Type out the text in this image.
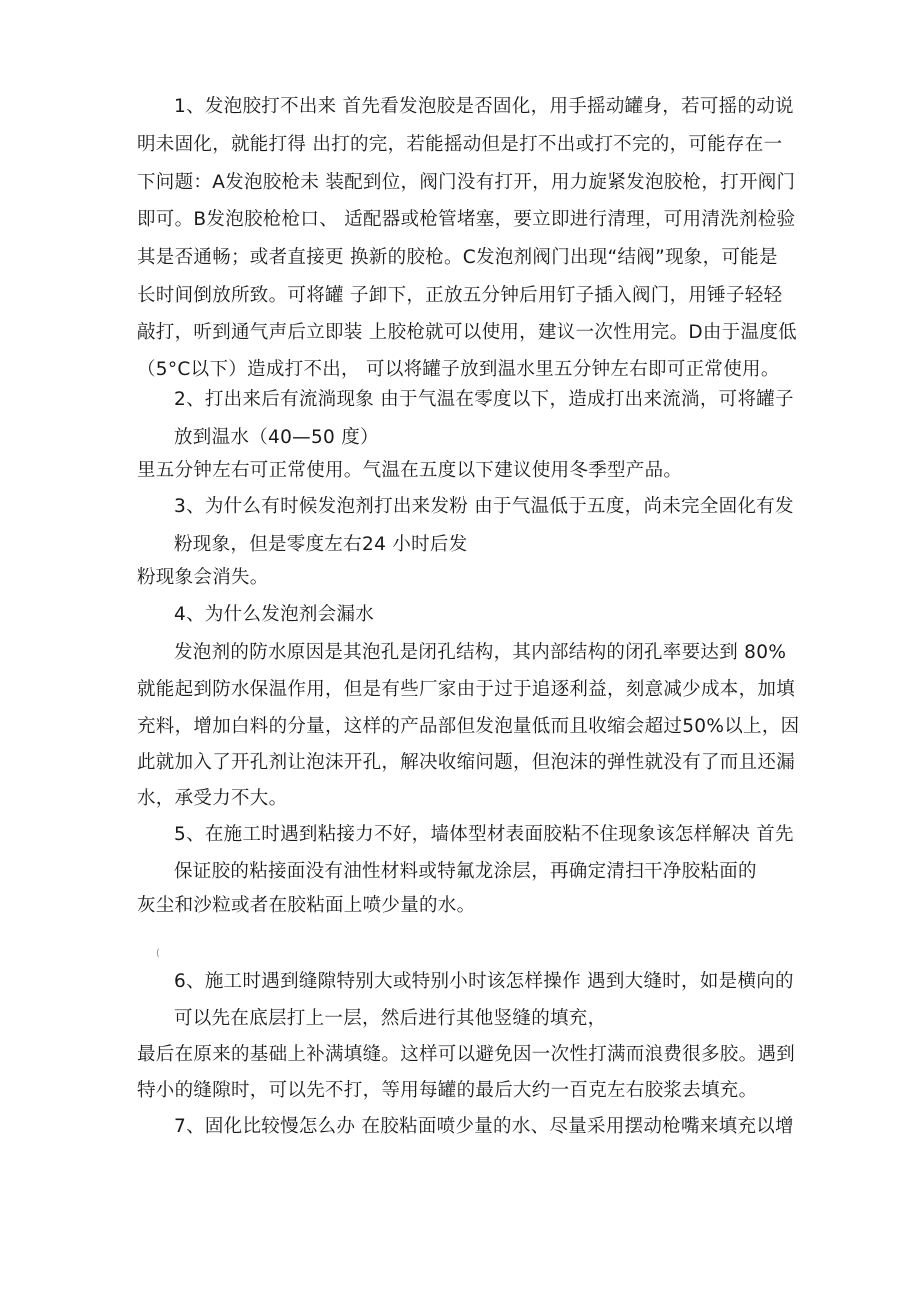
1、发泡胶打不出来 首先看发泡胶是否固化，用手摇动罐身，若可摇的动说
明未固化，就能打得 出打的完，若能摇动但是打不出或打不完的，可能存在一
下问题：A发泡胶枪未 装配到位，阀门没有打开，用力旋紧发泡胶枪，打开阀门
即可。B发泡胶枪枪口、 适配器或枪管堵塞，要立即进行清理，可用清洗剂检验
其是否通畅；或者直接更 换新的胶枪。C发泡剂阀门出现“结阀”现象，可能是
长时间倒放所致。可将罐 子卸下，正放五分钟后用钉子插入阀门，用锤子轻轻
敲打，听到通气声后立即装 上胶枪就可以使用，建议一次性用完。D由于温度低
（5°C以下）造成打不出， 可以将罐子放到温水里五分钟左右即可正常使用。
2、打出来后有流淌现象 由于气温在零度以下，造成打出来流淌，可将罐子
放到温水（40—50 度）
里五分钟左右可正常使用。气温在五度以下建议使用冬季型产品。
3、为什么有时候发泡剂打出来发粉 由于气温低于五度，尚未完全固化有发
粉现象，但是零度左右24 小时后发
粉现象会消失。
4、为什么发泡剂会漏水
发泡剂的防水原因是其泡孔是闭孔结构，其内部结构的闭孔率要达到 80%
就能起到防水保温作用，但是有些厂家由于过于追逐利益，刻意减少成本，加填
充料，增加白料的分量，这样的产品部但发泡量低而且收缩会超过50%以上，因
此就加入了开孔剂让泡沫开孔，解决收缩问题，但泡沫的弹性就没有了而且还漏
水，承受力不大。
5、在施工时遇到粘接力不好，墙体型材表面胶粘不住现象该怎样解决 首先
保证胶的粘接面没有油性材料或特氟龙涂层，再确定清扫干净胶粘面的
灰尘和沙粒或者在胶粘面上喷少量的水。
(
6、施工时遇到缝隙特别大或特别小时该怎样操作 遇到大缝时，如是横向的
可以先在底层打上一层，然后进行其他竖缝的填充，
最后在原来的基础上补满填缝。这样可以避免因一次性打满而浪费很多胶。遇到
特小的缝隙时，可以先不打，等用每罐的最后大约一百克左右胶浆去填充。
7、固化比较慢怎么办 在胶粘面喷少量的水、尽量采用摆动枪嘴来填充以增
